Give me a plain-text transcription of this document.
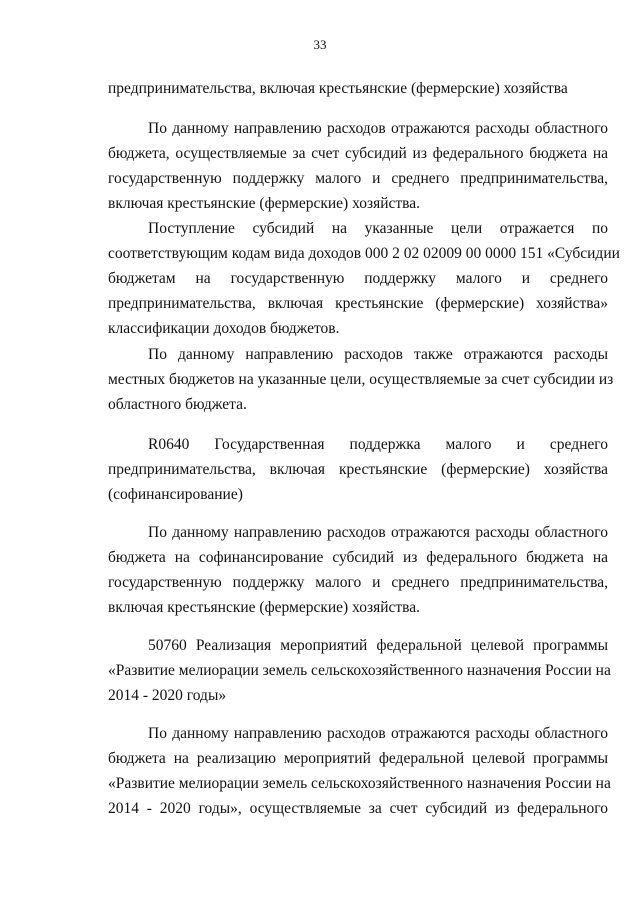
33
предпринимательства, включая крестьянские (фермерские) хозяйства
По данному направлению расходов отражаются расходы областного
бюджета, осуществляемые за счет субсидий из федерального бюджета на
государственную поддержку малого и среднего предпринимательства,
включая крестьянские (фермерские) хозяйства.
Поступление субсидий на указанные цели отражается по
соответствующим кодам вида доходов 000 2 02 02009 00 0000 151 «Субсидии
бюджетам на государственную поддержку малого и среднего
предпринимательства, включая крестьянские (фермерские) хозяйства»
классификации доходов бюджетов.
По данному направлению расходов также отражаются расходы
местных бюджетов на указанные цели, осуществляемые за счет субсидии из
областного бюджета.
R0640 Государственная поддержка малого и среднего
предпринимательства, включая крестьянские (фермерские) хозяйства
(софинансирование)
По данному направлению расходов отражаются расходы областного
бюджета на софинансирование субсидий из федерального бюджета на
государственную поддержку малого и среднего предпринимательства,
включая крестьянские (фермерские) хозяйства.
50760 Реализация мероприятий федеральной целевой программы
«Развитие мелиорации земель сельскохозяйственного назначения России на
2014 - 2020 годы»
По данному направлению расходов отражаются расходы областного
бюджета на реализацию мероприятий федеральной целевой программы
«Развитие мелиорации земель сельскохозяйственного назначения России на
2014 - 2020 годы», осуществляемые за счет субсидий из федерального
